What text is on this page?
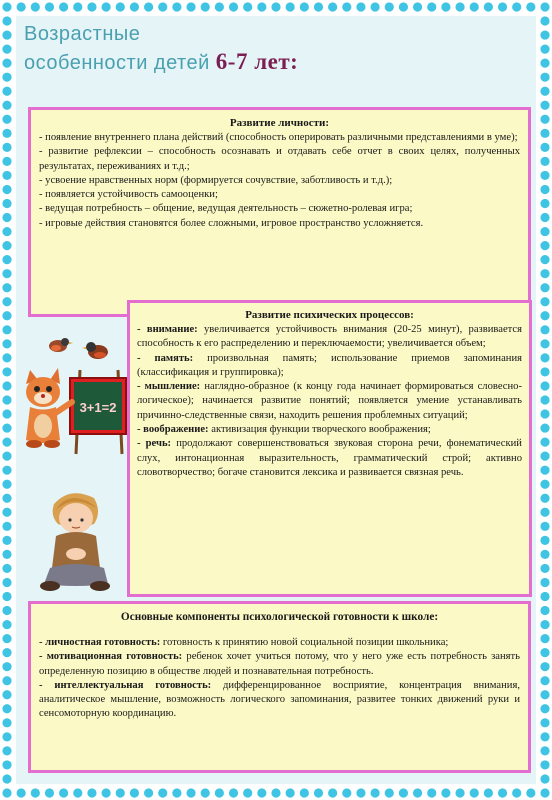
Возрастные
особенности детей 6-7 лет:
Развитие личности:

- появление внутреннего плана действий (способность оперировать различными представлениями в уме);

- развитие рефлексии – способность осознавать и отдавать себе отчет в своих целях, полученных результатах, переживаниях и т.д.;

- усвоение нравственных норм (формируется сочувствие, заботливость и т.д.);

- появляется устойчивость самооценки;

- ведущая потребность – общение, ведущая деятельность – сюжетно-ролевая игра;

- игровые действия становятся более сложными, игровое пространство усложняется.

Развитие психических процессов:

- внимание: увеличивается устойчивость внимания (20-25 минут), развивается способность к его распределению и переключаемости; увеличивается объем;

- память: произвольная память; использование приемов запоминания (классификация и группировка);

- мышление: наглядно-образное (к концу года начинает формироваться словесно-логическое); начинается развитие понятий; появляется умение устанавливать причинно-следственные связи, находить решения проблемных ситуаций;

- воображение: активизация функции творческого воображения;

- речь: продолжают совершенствоваться звуковая сторона речи, фонематический слух, интонационная выразительность, грамматический строй; активно словотворчество; богаче становится лексика и развивается связная речь.

Основные компоненты психологической готовности к школе:

- личностная готовность: готовность к принятию новой социальной позиции школьника;

- мотивационная готовность: ребенок хочет учиться потому, что у него уже есть потребность занять определенную позицию в обществе людей и познавательная потребность.

- интеллектуальная готовность: дифференцированное восприятие, концентрация внимания, аналитическое мышление, возможность логического запоминания, развитее тонких движений руки и сенсомоторную координацию.

3+1=2
